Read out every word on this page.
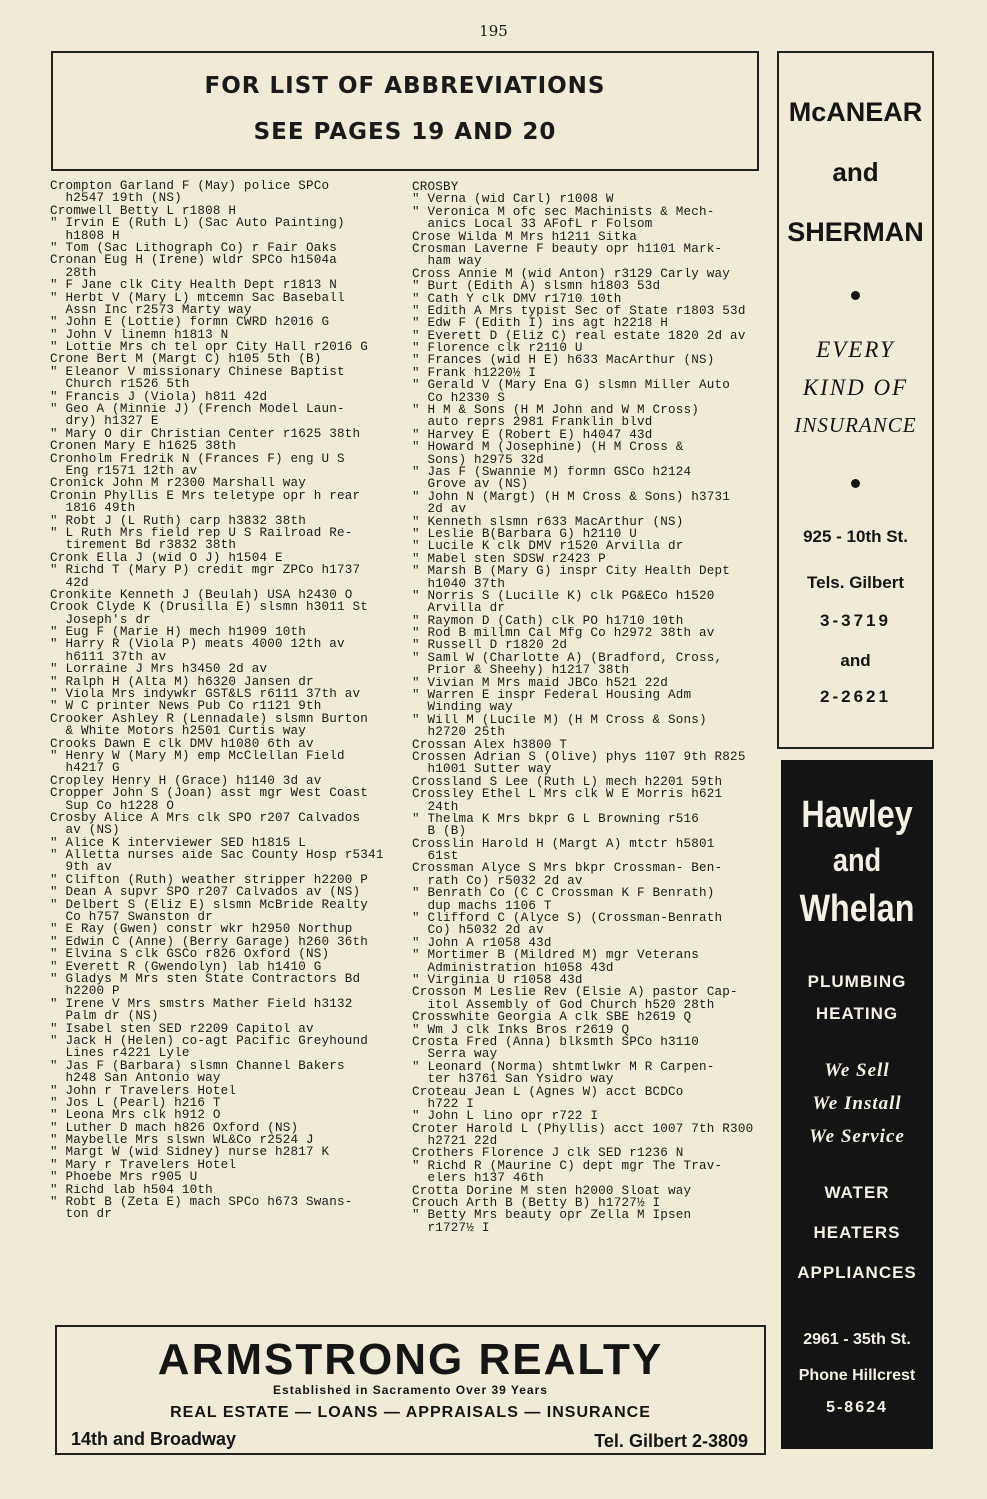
195
FOR LIST OF ABBREVIATIONS
SEE PAGES 19 AND 20
Crompton Garland F (May) police SPCo
h2547 19th (NS)
Cromwell Betty L r1808 H
" Irvin E (Ruth L) (Sac Auto Painting)
h1808 H
" Tom (Sac Lithograph Co) r Fair Oaks
Cronan Eug H (Irene) wldr SPCo h1504a
28th
" F Jane clk City Health Dept r1813 N
" Herbt V (Mary L) mtcemn Sac Baseball
Assn Inc r2573 Marty way
" John E (Lottie) formn CWRD h2016 G
" John V linemn h1813 N
" Lottie Mrs ch tel opr City Hall r2016 G
Crone Bert M (Margt C) h105 5th (B)
" Eleanor V missionary Chinese Baptist
Church r1526 5th
" Francis J (Viola) h811 42d
" Geo A (Minnie J) (French Model Laun-
dry) h1327 E
" Mary O dir Christian Center r1625 38th
Cronen Mary E h1625 38th
Cronholm Fredrik N (Frances F) eng U S
Eng r1571 12th av
Cronick John M r2300 Marshall way
Cronin Phyllis E Mrs teletype opr h rear
1816 49th
" Robt J (L Ruth) carp h3832 38th
" L Ruth Mrs field rep U S Railroad Re-
tirement Bd r3832 38th
Cronk Ella J (wid O J) h1504 E
" Richd T (Mary P) credit mgr ZPCo h1737
42d
Cronkite Kenneth J (Beulah) USA h2430 O
Crook Clyde K (Drusilla E) slsmn h3011 St
Joseph's dr
" Eug F (Marie H) mech h1909 10th
" Harry R (Viola P) meats 4000 12th av
h6111 37th av
" Lorraine J Mrs h3450 2d av
" Ralph H (Alta M) h6320 Jansen dr
" Viola Mrs indywkr GST&LS r6111 37th av
" W C printer News Pub Co r1121 9th
Crooker Ashley R (Lennadale) slsmn Burton
& White Motors h2501 Curtis way
Crooks Dawn E clk DMV h1080 6th av
" Henry W (Mary M) emp McClellan Field
h4217 G
Cropley Henry H (Grace) h1140 3d av
Cropper John S (Joan) asst mgr West Coast
Sup Co h1228 O
Crosby Alice A Mrs clk SPO r207 Calvados
av (NS)
" Alice K interviewer SED h1815 L
" Alletta nurses aide Sac County Hosp r5341
9th av
" Clifton (Ruth) weather stripper h2200 P
" Dean A supvr SPO r207 Calvados av (NS)
" Delbert S (Eliz E) slsmn McBride Realty
Co h757 Swanston dr
" E Ray (Gwen) constr wkr h2950 Northup
" Edwin C (Anne) (Berry Garage) h260 36th
" Elvina S clk GSCo r826 Oxford (NS)
" Everett R (Gwendolyn) lab h1410 G
" Gladys M Mrs sten State Contractors Bd
h2200 P
" Irene V Mrs smstrs Mather Field h3132
Palm dr (NS)
" Isabel sten SED r2209 Capitol av
" Jack H (Helen) co-agt Pacific Greyhound
Lines r4221 Lyle
" Jas F (Barbara) slsmn Channel Bakers
h248 San Antonio way
" John r Travelers Hotel
" Jos L (Pearl) h216 T
" Leona Mrs clk h912 O
" Luther D mach h826 Oxford (NS)
" Maybelle Mrs slswn WL&Co r2524 J
" Margt W (wid Sidney) nurse h2817 K
" Mary r Travelers Hotel
" Phoebe Mrs r905 U
" Richd lab h504 10th
" Robt B (Zeta E) mach SPCo h673 Swans-
ton dr
CROSBY
" Verna (wid Carl) r1008 W
" Veronica M ofc sec Machinists & Mech-
anics Local 33 AFofL r Folsom
Crose Wilda M Mrs h1211 Sitka
Crosman Laverne F beauty opr h1101 Mark-
ham way
Cross Annie M (wid Anton) r3129 Carly way
" Burt (Edith A) slsmn h1803 53d
" Cath Y clk DMV r1710 10th
" Edith A Mrs typist Sec of State r1803 53d
" Edw F (Edith I) ins agt h2218 H
" Everett D (Eliz C) real estate 1820 2d av
" Florence clk r2110 U
" Frances (wid H E) h633 MacArthur (NS)
" Frank h1220½ I
" Gerald V (Mary Ena G) slsmn Miller Auto
Co h2330 S
" H M & Sons (H M John and W M Cross)
auto reprs 2981 Franklin blvd
" Harvey E (Robert E) h4047 43d
" Howard M (Josephine) (H M Cross &
Sons) h2975 32d
" Jas F (Swannie M) formn GSCo h2124
Grove av (NS)
" John N (Margt) (H M Cross & Sons) h3731
2d av
" Kenneth slsmn r633 MacArthur (NS)
" Leslie B(Barbara G) h2110 U
" Lucile K clk DMV r1520 Arvilla dr
" Mabel sten SDSW r2423 P
" Marsh B (Mary G) inspr City Health Dept
h1040 37th
" Norris S (Lucille K) clk PG&ECo h1520
Arvilla dr
" Raymon D (Cath) clk PO h1710 10th
" Rod B millmn Cal Mfg Co h2972 38th av
" Russell D r1820 2d
" Saml W (Charlotte A) (Bradford, Cross,
Prior & Sheehy) h1217 38th
" Vivian M Mrs maid JBCo h521 22d
" Warren E inspr Federal Housing Adm
Winding way
" Will M (Lucile M) (H M Cross & Sons)
h2720 25th
Crossan Alex h3800 T
Crossen Adrian S (Olive) phys 1107 9th R825
h1001 Sutter way
Crossland S Lee (Ruth L) mech h2201 59th
Crossley Ethel L Mrs clk W E Morris h621
24th
" Thelma K Mrs bkpr G L Browning r516
B (B)
Crosslin Harold H (Margt A) mtctr h5801
61st
Crossman Alyce S Mrs bkpr Crossman- Ben-
rath Co) r5032 2d av
" Benrath Co (C C Crossman K F Benrath)
dup machs 1106 T
" Clifford C (Alyce S) (Crossman-Benrath
Co) h5032 2d av
" John A r1058 43d
" Mortimer B (Mildred M) mgr Veterans
Administration h1058 43d
" Virginia U r1058 43d
Crosson M Leslie Rev (Elsie A) pastor Cap-
itol Assembly of God Church h520 28th
Crosswhite Georgia A clk SBE h2619 Q
" Wm J clk Inks Bros r2619 Q
Crosta Fred (Anna) blksmth SPCo h3110
Serra way
" Leonard (Norma) shtmtlwkr M R Carpen-
ter h3761 San Ysidro way
Croteau Jean L (Agnes W) acct BCDCo
h722 I
" John L lino opr r722 I
Croter Harold L (Phyllis) acct 1007 7th R300
h2721 22d
Crothers Florence J clk SED r1236 N
" Richd R (Maurine C) dept mgr The Trav-
elers h137 46th
Crotta Dorine M sten h2000 Sloat way
Crouch Arth B (Betty B) h1727½ I
" Betty Mrs beauty opr Zella M Ipsen
r1727½ I
McANEAR
and
SHERMAN
EVERY
KIND OF
INSURANCE
925 - 10th St.
Tels. Gilbert
3-3719
and
2-2621
Hawley
and
Whelan
PLUMBING
HEATING
We Sell
We Install
We Service
WATER
HEATERS
APPLIANCES
2961 - 35th St.
Phone Hillcrest
5-8624
ARMSTRONG REALTY
Established in Sacramento Over 39 Years
REAL ESTATE — LOANS — APPRAISALS — INSURANCE
14th and Broadway	Tel. Gilbert 2-3809
